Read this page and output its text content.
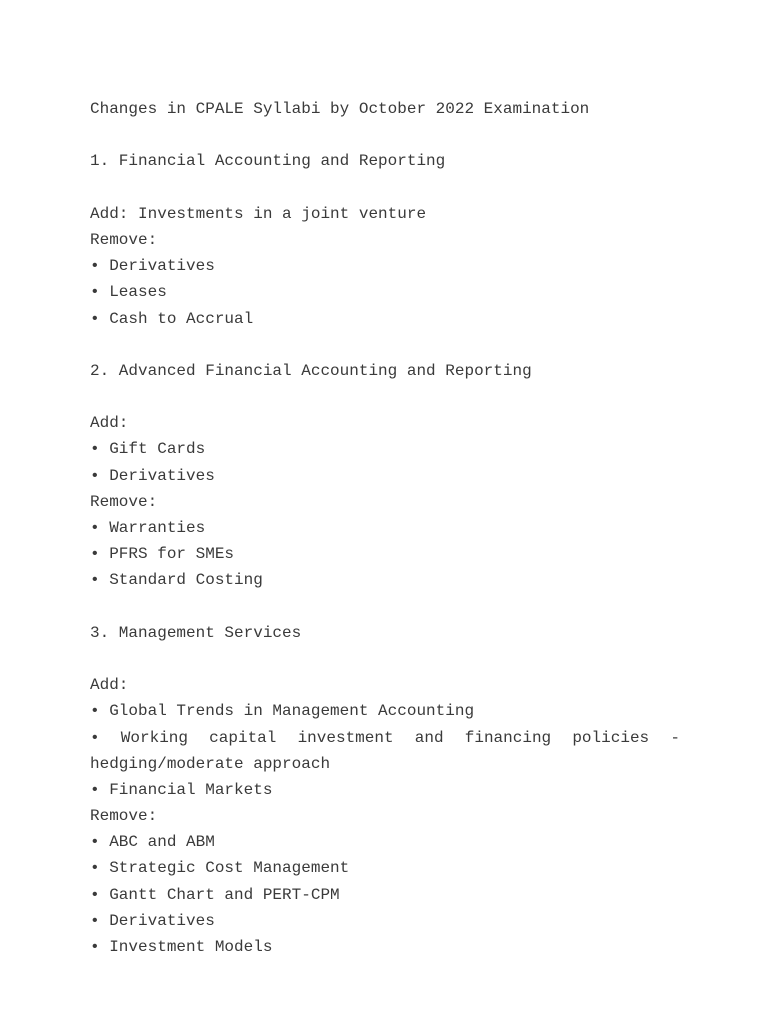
Changes in CPALE Syllabi by October 2022 Examination
1. Financial Accounting and Reporting
Add: Investments in a joint venture
Remove:
• Derivatives
• Leases
• Cash to Accrual
2. Advanced Financial Accounting and Reporting
Add:
• Gift Cards
• Derivatives
Remove:
• Warranties
• PFRS for SMEs
• Standard Costing
3. Management Services
Add:
• Global Trends in Management Accounting
• Working capital investment and financing policies -
hedging/moderate approach
• Financial Markets
Remove:
• ABC and ABM
• Strategic Cost Management
• Gantt Chart and PERT-CPM
• Derivatives
• Investment Models
